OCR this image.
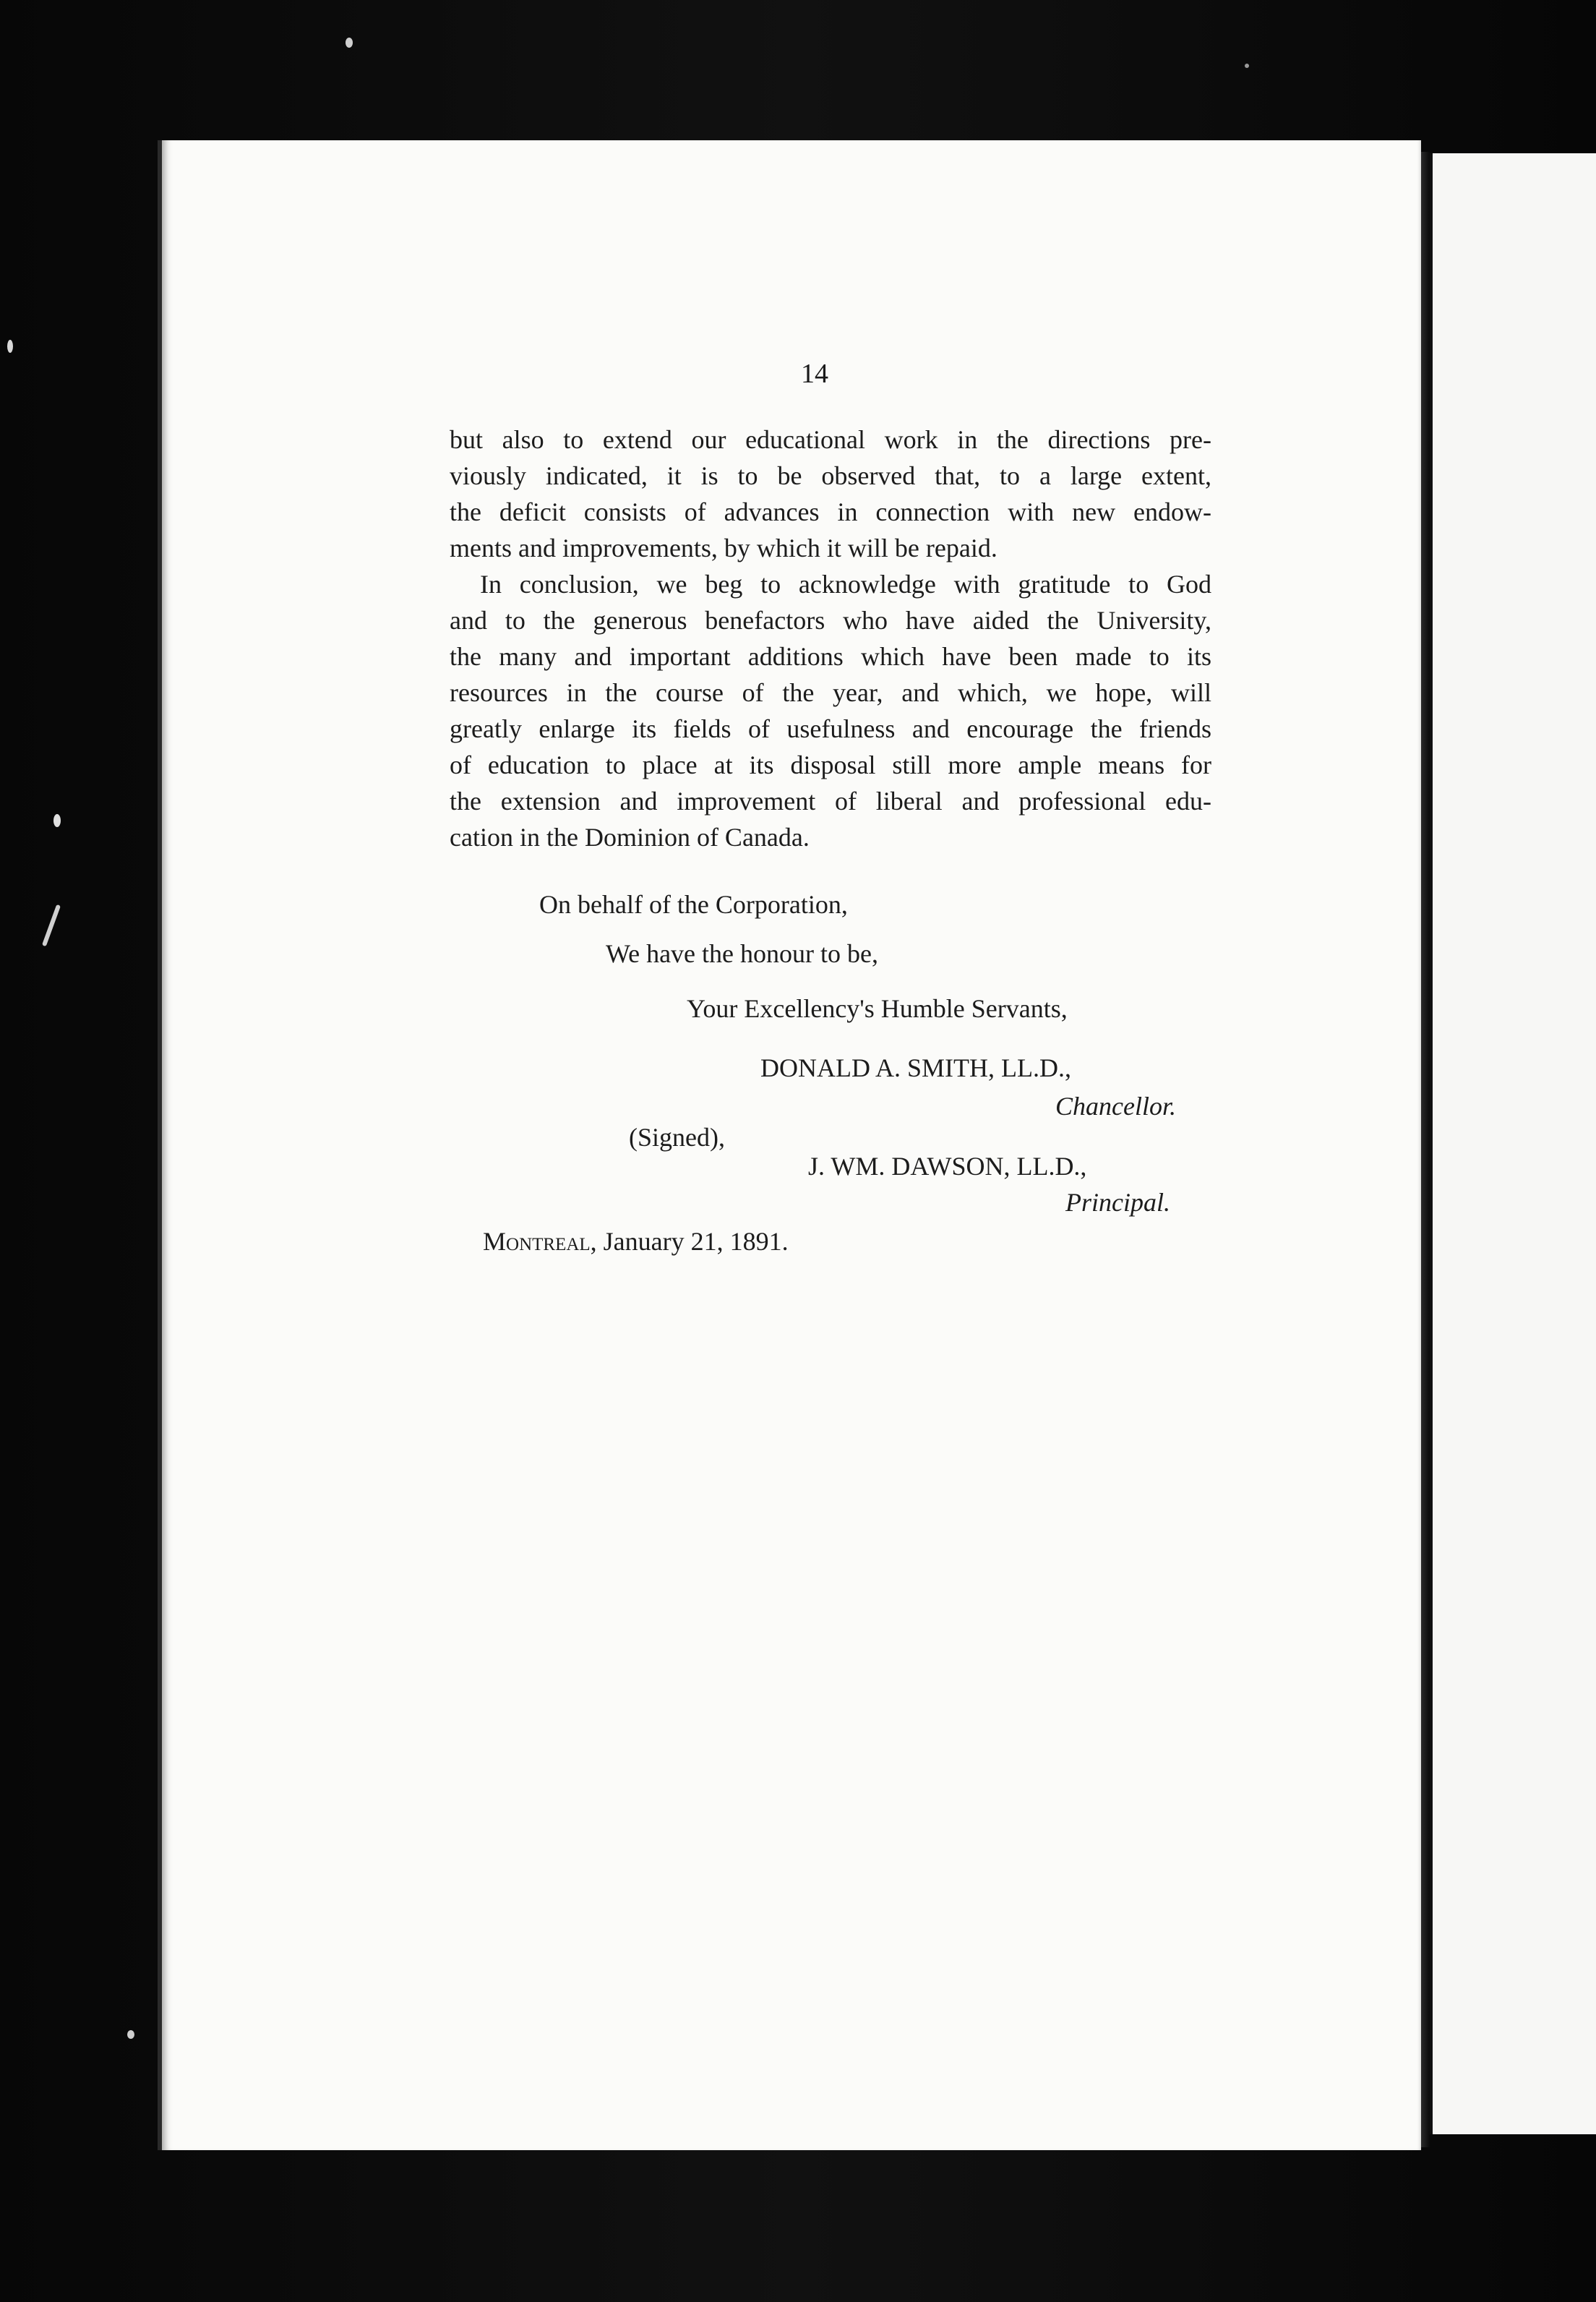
14
but also to extend our educational work in the directions pre-
viously indicated, it is to be observed that, to a large extent,
the deficit consists of advances in connection with new endow-
ments and improvements, by which it will be repaid.
In conclusion, we beg to acknowledge with gratitude to God
and to the generous benefactors who have aided the University,
the many and important additions which have been made to its
resources in the course of the year, and which, we hope, will
greatly enlarge its fields of usefulness and encourage the friends
of education to place at its disposal still more ample means for
the extension and improvement of liberal and professional edu-
cation in the Dominion of Canada.
On behalf of the Corporation,
We have the honour to be,
Your Excellency's Humble Servants,
DONALD A. SMITH, LL.D.,
Chancellor.
(Signed),
J. WM. DAWSON, LL.D.,
Principal.
Montreal, January 21, 1891.
